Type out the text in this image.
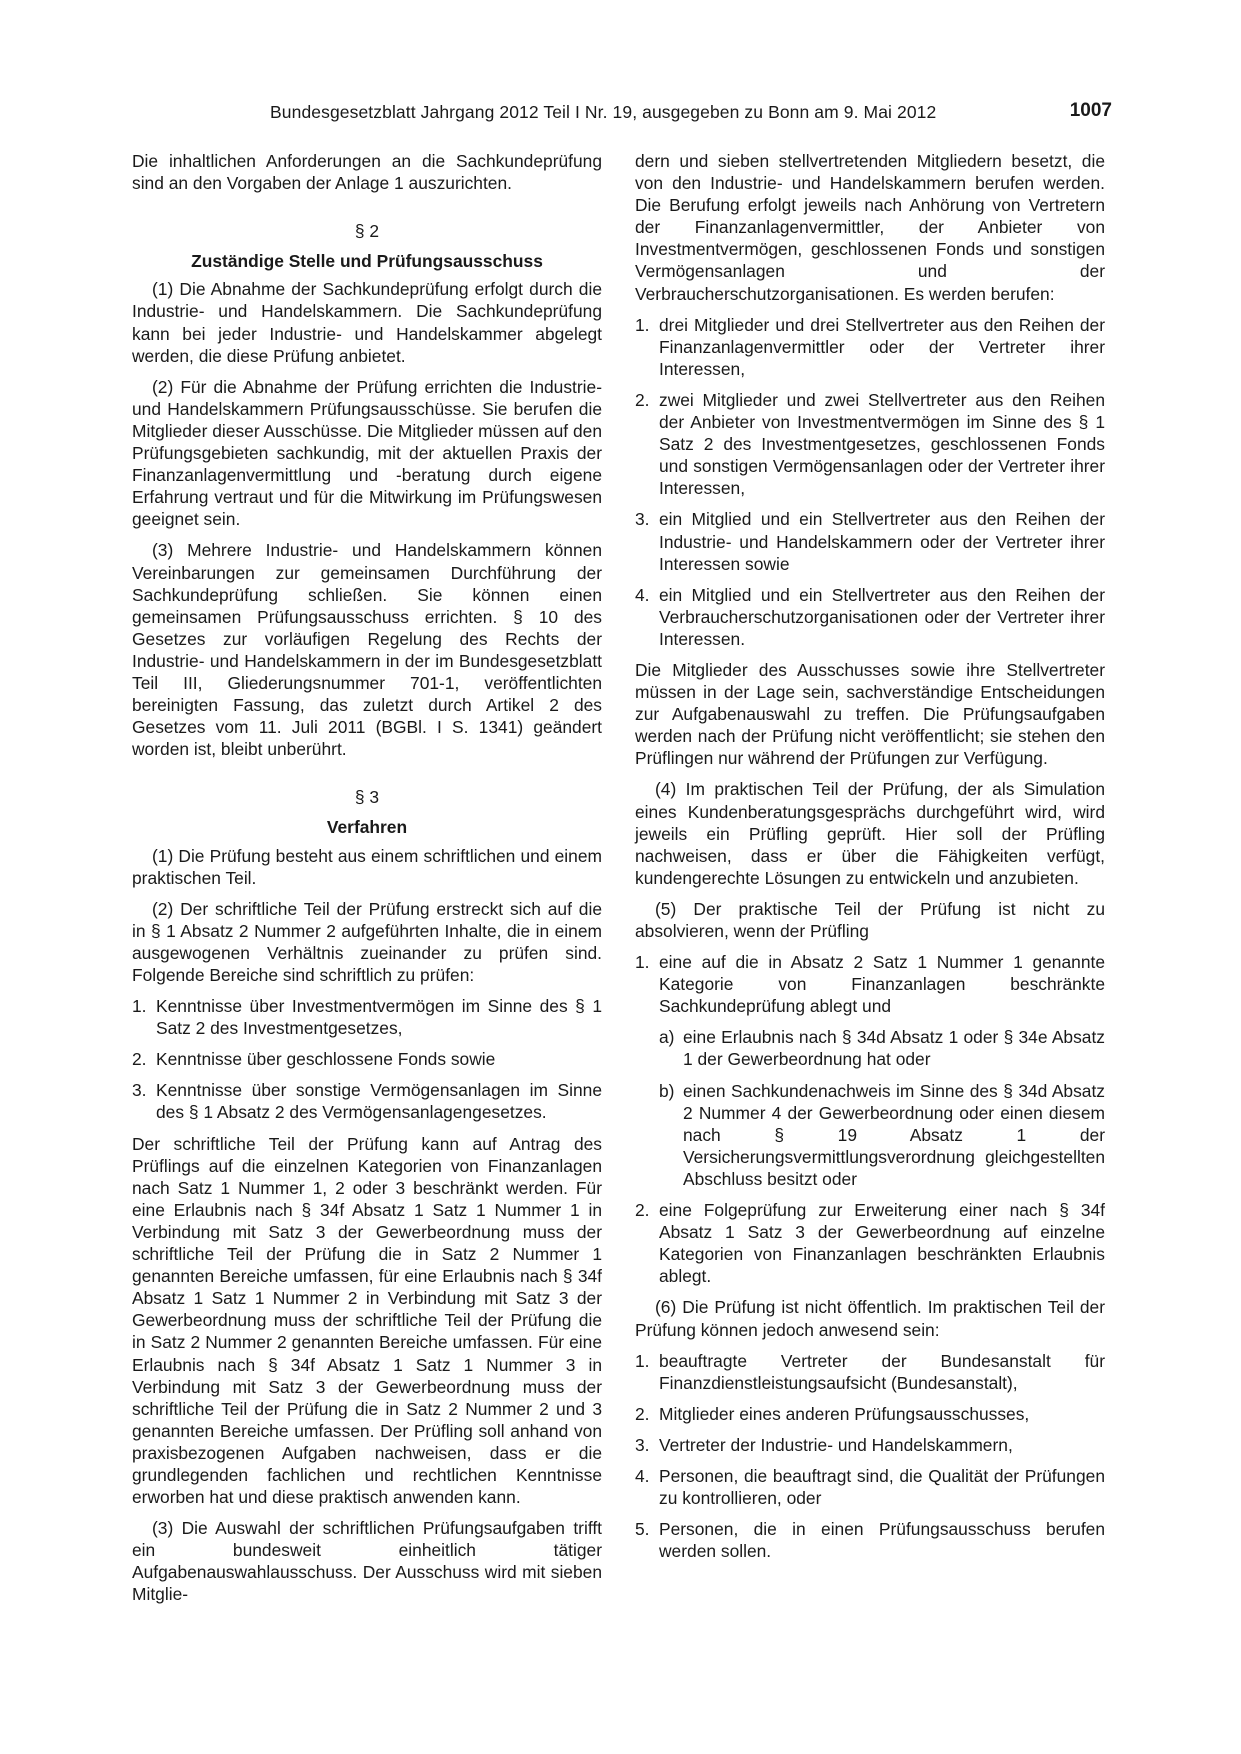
Bundesgesetzblatt Jahrgang 2012 Teil I Nr. 19, ausgegeben zu Bonn am 9. Mai 2012	1007

Die inhaltlichen Anforderungen an die Sachkundeprüfung sind an den Vorgaben der Anlage 1 auszurichten.

§ 2
Zuständige Stelle und Prüfungsausschuss

(1) Die Abnahme der Sachkundeprüfung erfolgt durch die Industrie- und Handelskammern. Die Sachkundeprüfung kann bei jeder Industrie- und Handelskammer abgelegt werden, die diese Prüfung anbietet.

(2) Für die Abnahme der Prüfung errichten die Industrie- und Handelskammern Prüfungsausschüsse. Sie berufen die Mitglieder dieser Ausschüsse. Die Mitglieder müssen auf den Prüfungsgebieten sachkundig, mit der aktuellen Praxis der Finanzanlagenvermittlung und -beratung durch eigene Erfahrung vertraut und für die Mitwirkung im Prüfungswesen geeignet sein.

(3) Mehrere Industrie- und Handelskammern können Vereinbarungen zur gemeinsamen Durchführung der Sachkundeprüfung schließen. Sie können einen gemeinsamen Prüfungsausschuss errichten. § 10 des Gesetzes zur vorläufigen Regelung des Rechts der Industrie- und Handelskammern in der im Bundesgesetzblatt Teil III, Gliederungsnummer 701-1, veröffentlichten bereinigten Fassung, das zuletzt durch Artikel 2 des Gesetzes vom 11. Juli 2011 (BGBl. I S. 1341) geändert worden ist, bleibt unberührt.

§ 3
Verfahren

(1) Die Prüfung besteht aus einem schriftlichen und einem praktischen Teil.

(2) Der schriftliche Teil der Prüfung erstreckt sich auf die in § 1 Absatz 2 Nummer 2 aufgeführten Inhalte, die in einem ausgewogenen Verhältnis zueinander zu prüfen sind. Folgende Bereiche sind schriftlich zu prüfen:

1. Kenntnisse über Investmentvermögen im Sinne des § 1 Satz 2 des Investmentgesetzes,
2. Kenntnisse über geschlossene Fonds sowie
3. Kenntnisse über sonstige Vermögensanlagen im Sinne des § 1 Absatz 2 des Vermögensanlagengesetzes.

Der schriftliche Teil der Prüfung kann auf Antrag des Prüflings auf die einzelnen Kategorien von Finanzanlagen nach Satz 1 Nummer 1, 2 oder 3 beschränkt werden. Für eine Erlaubnis nach § 34f Absatz 1 Satz 1 Nummer 1 in Verbindung mit Satz 3 der Gewerbeordnung muss der schriftliche Teil der Prüfung die in Satz 2 Nummer 1 genannten Bereiche umfassen, für eine Erlaubnis nach § 34f Absatz 1 Satz 1 Nummer 2 in Verbindung mit Satz 3 der Gewerbeordnung muss der schriftliche Teil der Prüfung die in Satz 2 Nummer 2 genannten Bereiche umfassen. Für eine Erlaubnis nach § 34f Absatz 1 Satz 1 Nummer 3 in Verbindung mit Satz 3 der Gewerbeordnung muss der schriftliche Teil der Prüfung die in Satz 2 Nummer 2 und 3 genannten Bereiche umfassen. Der Prüfling soll anhand von praxisbezogenen Aufgaben nachweisen, dass er die grundlegenden fachlichen und rechtlichen Kenntnisse erworben hat und diese praktisch anwenden kann.

(3) Die Auswahl der schriftlichen Prüfungsaufgaben trifft ein bundesweit einheitlich tätiger Aufgabenauswahlausschuss. Der Ausschuss wird mit sieben Mitglie-

dern und sieben stellvertretenden Mitgliedern besetzt, die von den Industrie- und Handelskammern berufen werden. Die Berufung erfolgt jeweils nach Anhörung von Vertretern der Finanzanlagenvermittler, der Anbieter von Investmentvermögen, geschlossenen Fonds und sonstigen Vermögensanlagen und der Verbraucherschutzorganisationen. Es werden berufen:

1. drei Mitglieder und drei Stellvertreter aus den Reihen der Finanzanlagenvermittler oder der Vertreter ihrer Interessen,
2. zwei Mitglieder und zwei Stellvertreter aus den Reihen der Anbieter von Investmentvermögen im Sinne des § 1 Satz 2 des Investmentgesetzes, geschlossenen Fonds und sonstigen Vermögensanlagen oder der Vertreter ihrer Interessen,
3. ein Mitglied und ein Stellvertreter aus den Reihen der Industrie- und Handelskammern oder der Vertreter ihrer Interessen sowie
4. ein Mitglied und ein Stellvertreter aus den Reihen der Verbraucherschutzorganisationen oder der Vertreter ihrer Interessen.

Die Mitglieder des Ausschusses sowie ihre Stellvertreter müssen in der Lage sein, sachverständige Entscheidungen zur Aufgabenauswahl zu treffen. Die Prüfungsaufgaben werden nach der Prüfung nicht veröffentlicht; sie stehen den Prüflingen nur während der Prüfungen zur Verfügung.

(4) Im praktischen Teil der Prüfung, der als Simulation eines Kundenberatungsgesprächs durchgeführt wird, wird jeweils ein Prüfling geprüft. Hier soll der Prüfling nachweisen, dass er über die Fähigkeiten verfügt, kundengerechte Lösungen zu entwickeln und anzubieten.

(5) Der praktische Teil der Prüfung ist nicht zu absolvieren, wenn der Prüfling

1. eine auf die in Absatz 2 Satz 1 Nummer 1 genannte Kategorie von Finanzanlagen beschränkte Sachkundeprüfung ablegt und
a) eine Erlaubnis nach § 34d Absatz 1 oder § 34e Absatz 1 der Gewerbeordnung hat oder
b) einen Sachkundenachweis im Sinne des § 34d Absatz 2 Nummer 4 der Gewerbeordnung oder einen diesem nach § 19 Absatz 1 der Versicherungsvermittlungsverordnung gleichgestellten Abschluss besitzt oder
2. eine Folgeprüfung zur Erweiterung einer nach § 34f Absatz 1 Satz 3 der Gewerbeordnung auf einzelne Kategorien von Finanzanlagen beschränkten Erlaubnis ablegt.

(6) Die Prüfung ist nicht öffentlich. Im praktischen Teil der Prüfung können jedoch anwesend sein:

1. beauftragte Vertreter der Bundesanstalt für Finanzdienstleistungsaufsicht (Bundesanstalt),
2. Mitglieder eines anderen Prüfungsausschusses,
3. Vertreter der Industrie- und Handelskammern,
4. Personen, die beauftragt sind, die Qualität der Prüfungen zu kontrollieren, oder
5. Personen, die in einen Prüfungsausschuss berufen werden sollen.
